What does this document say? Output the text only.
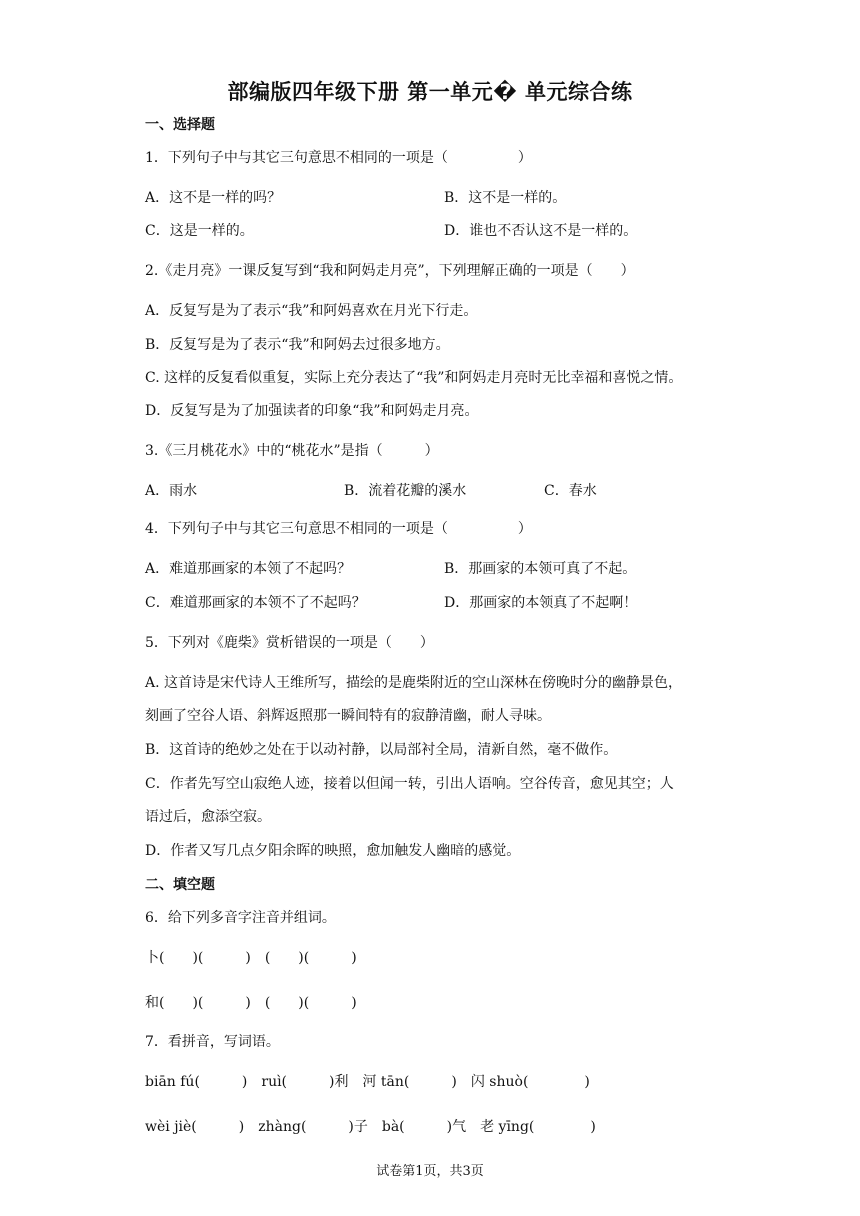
部编版四年级下册 第一单元� 单元综合练
一、选择题
1．下列句子中与其它三句意思不相同的一项是（　　　　　）
A．这不是一样的吗？	B．这不是一样的。
C．这是一样的。	D．谁也不否认这不是一样的。
2.《走月亮》一课反复写到“我和阿妈走月亮”，下列理解正确的一项是（　　）
A．反复写是为了表示“我”和阿妈喜欢在月光下行走。
B．反复写是为了表示“我”和阿妈去过很多地方。
C. 这样的反复看似重复，实际上充分表达了“我”和阿妈走月亮时无比幸福和喜悦之情。
D．反复写是为了加强读者的印象“我”和阿妈走月亮。
3.《三月桃花水》中的“桃花水”是指（　　　）
A．雨水	B．流着花瓣的溪水	C．春水
4．下列句子中与其它三句意思不相同的一项是（　　　　　）
A．难道那画家的本领了不起吗？	B．那画家的本领可真了不起。
C．难道那画家的本领不了不起吗？	D．那画家的本领真了不起啊！
5．下列对《鹿柴》赏析错误的一项是（　　）
A. 这首诗是宋代诗人王维所写，描绘的是鹿柴附近的空山深林在傍晚时分的幽静景色，
刻画了空谷人语、斜辉返照那一瞬间特有的寂静清幽，耐人寻味。
B．这首诗的绝妙之处在于以动衬静，以局部衬全局，清新自然，毫不做作。
C．作者先写空山寂绝人迹，接着以但闻一转，引出人语响。空谷传音，愈见其空；人
语过后，愈添空寂。
D．作者又写几点夕阳余晖的映照，愈加触发人幽暗的感觉。
二、填空题
6．给下列多音字注音并组词。
卜(　　)(　　　)　(　　)(　　　)
和(　　)(　　　)　(　　)(　　　)
7．看拼音，写词语。
biān fú(　　　)　ruì(　　　)利　河 tān(　　　)　闪 shuò(　　　　)
wèi jiè(　　　)　zhàng(　　　)子　bà(　　　)气　老 yīng(　　　　)
试卷第1页，共3页
